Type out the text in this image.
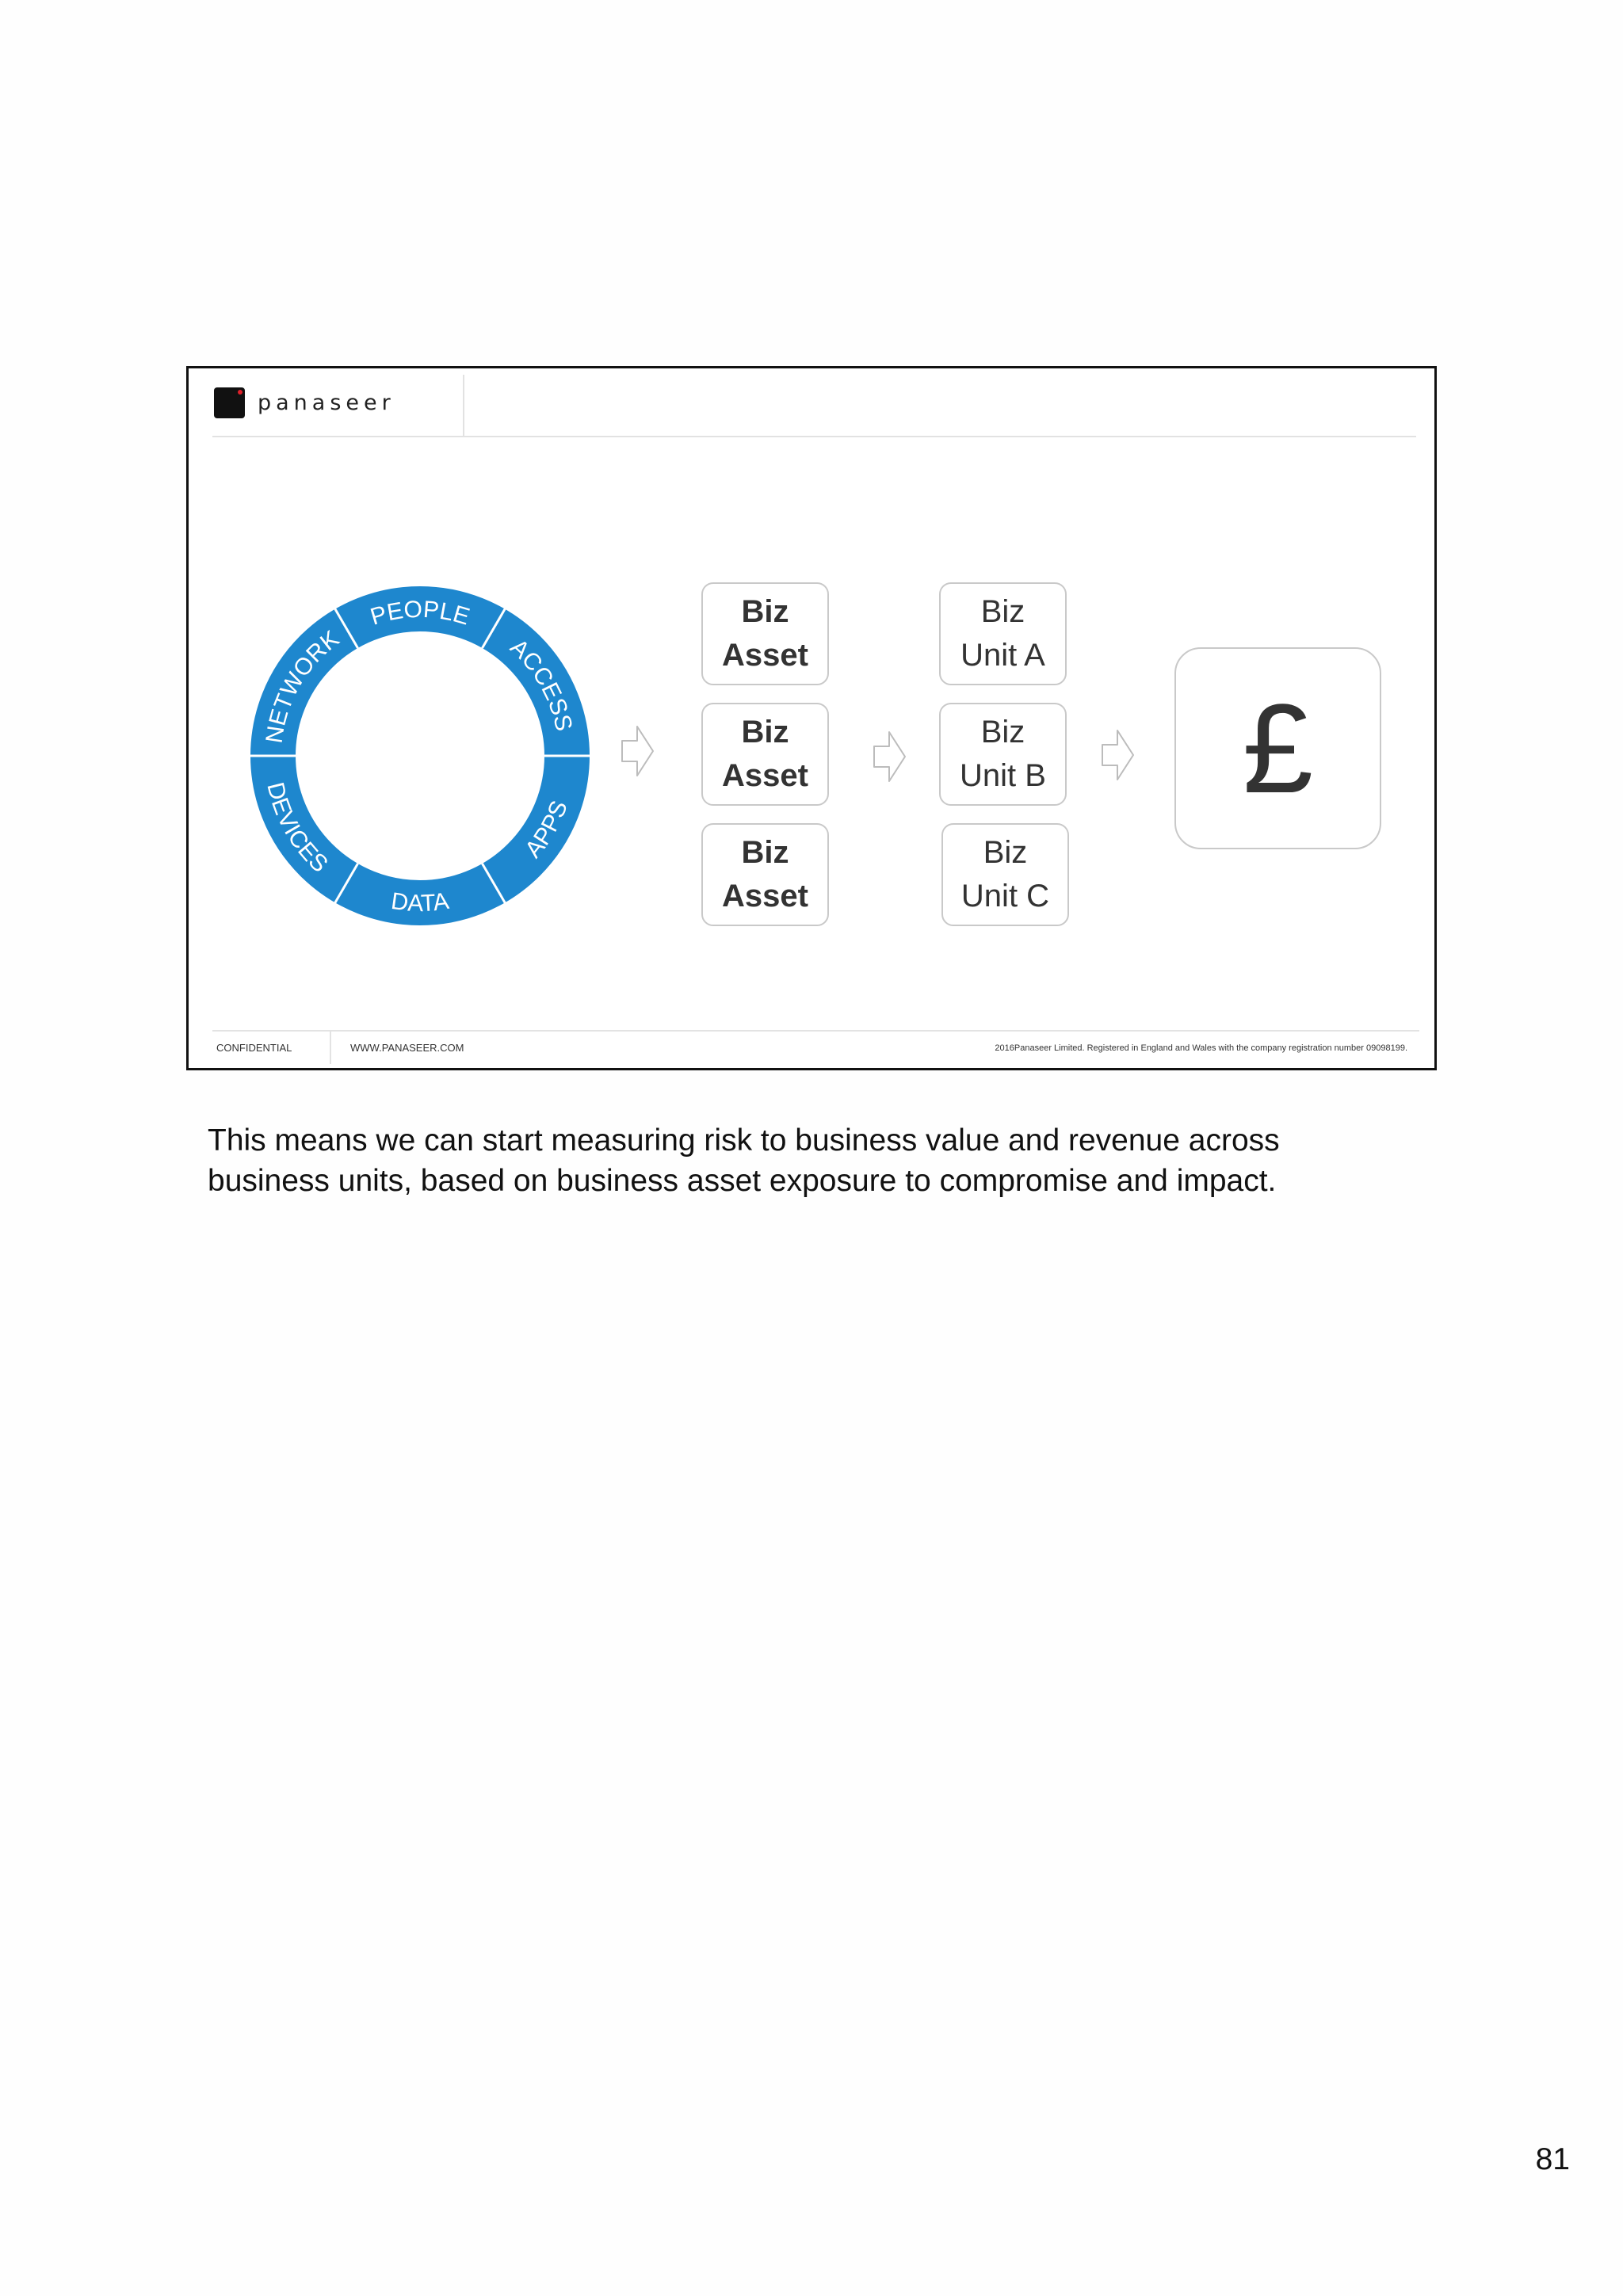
panaseer
PEOPLE
ACCESS
APPS
DATA
DEVICES
NETWORK
Biz
Asset
Biz
Asset
Biz
Asset
Biz
Unit A
Biz
Unit B
Biz
Unit C
£
CONFIDENTIAL	WWW.PANASEER.COM	2016Panaseer Limited. Registered in England and Wales with the company registration number 09098199.
This means we can start measuring risk to business value and revenue across
business units, based on business asset exposure to compromise and impact.
81
